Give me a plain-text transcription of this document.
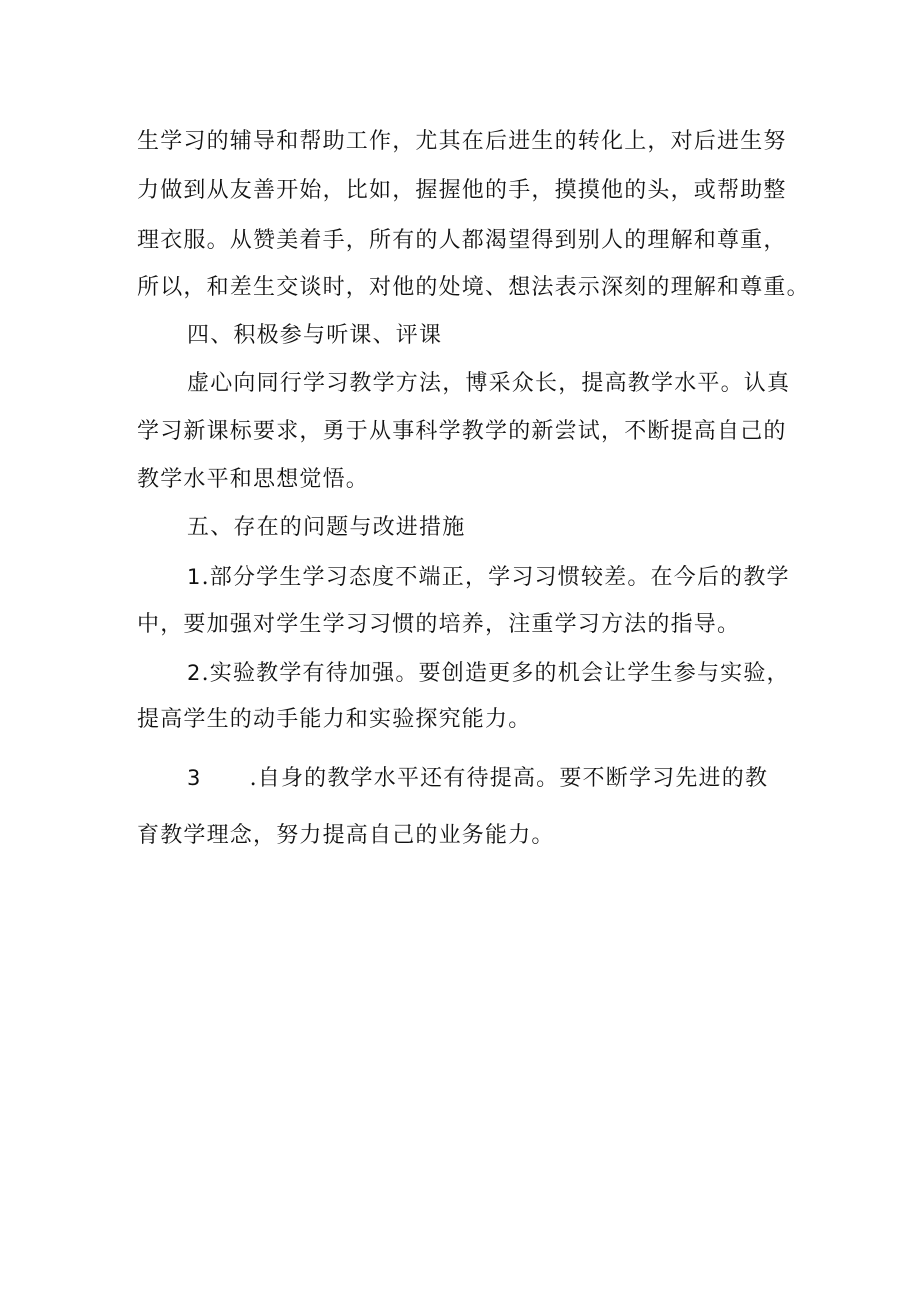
生学习的辅导和帮助工作，尤其在后进生的转化上，对后进生努
力做到从友善开始，比如，握握他的手，摸摸他的头，或帮助整
理衣服。从赞美着手，所有的人都渴望得到别人的理解和尊重，
所以，和差生交谈时，对他的处境、想法表示深刻的理解和尊重。
四、积极参与听课、评课
虚心向同行学习教学方法，博采众长，提高教学水平。认真
学习新课标要求，勇于从事科学教学的新尝试，不断提高自己的
教学水平和思想觉悟。
五、存在的问题与改进措施
1.部分学生学习态度不端正，学习习惯较差。在今后的教学
中，要加强对学生学习习惯的培养，注重学习方法的指导。
2.实验教学有待加强。要创造更多的机会让学生参与实验，
提高学生的动手能力和实验探究能力。
3 .自身的教学水平还有待提高。要不断学习先进的教
育教学理念，努力提高自己的业务能力。
